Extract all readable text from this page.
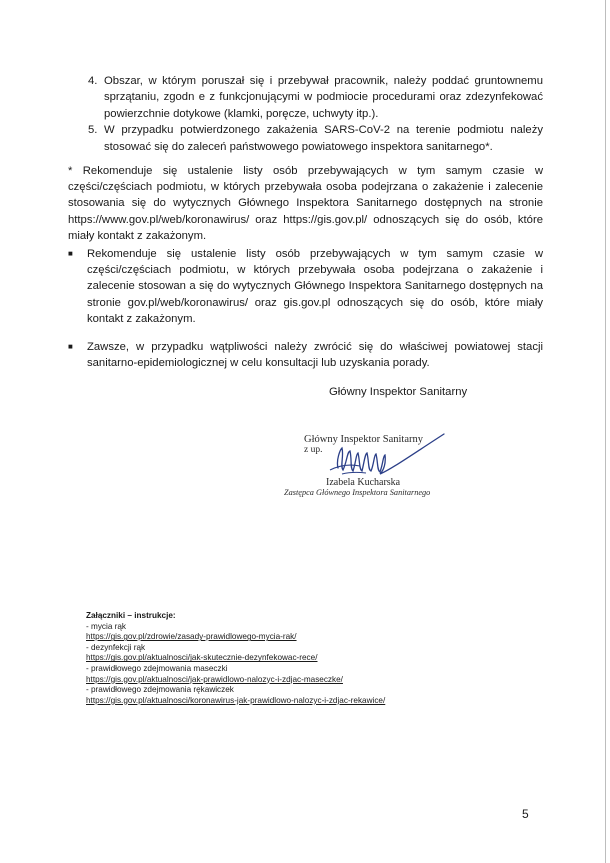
4. Obszar, w którym poruszał się i przebywał pracownik, należy poddać gruntownemu sprzątaniu, zgodn e z funkcjonującymi w podmiocie procedurami oraz zdezynfekować powierzchnie dotykowe (klamki, poręcze, uchwyty itp.).
5. W przypadku potwierdzonego zakażenia SARS-CoV-2 na terenie podmiotu należy stosować się do zaleceń państwowego powiatowego inspektora sanitarnego*.
* Rekomenduje się ustalenie listy osób przebywających w tym samym czasie w części/częściach podmiotu, w których przebywała osoba podejrzana o zakażenie i zalecenie stosowania się do wytycznych Głównego Inspektora Sanitarnego dostępnych na stronie https://www.gov.pl/web/koronawirus/ oraz https://gis.gov.pl/ odnoszących się do osób, które miały kontakt z zakażonym.
■	Rekomenduje się ustalenie listy osób przebywających w tym samym czasie w części/częściach podmiotu, w których przebywała osoba podejrzana o zakażenie i zalecenie stosowan a się do wytycznych Głównego Inspektora Sanitarnego dostępnych na stronie gov.pl/web/koronawirus/ oraz gis.gov.pl odnoszących się do osób, które miały kontakt z zakażonym.
■	Zawsze, w przypadku wątpliwości należy zwrócić się do właściwej powiatowej stacji sanitarno-epidemiologicznej w celu konsultacji lub uzyskania porady.
Główny Inspektor Sanitarny
Główny Inspektor Sanitarny
z up.
Izabela Kucharska
Zastępca Głównego Inspektora Sanitarnego
Załączniki – instrukcje:
- mycia rąk
https://gis.gov.pl/zdrowie/zasady-prawidlowego-mycia-rak/
- dezynfekcji rąk
https://gis.gov.pl/aktualnosci/jak-skutecznie-dezynfekowac-rece/
- prawidłowego zdejmowania maseczki
https://gis.gov.pl/aktualnosci/jak-prawidlowo-nalozyc-i-zdjac-maseczke/
- prawidłowego zdejmowania rękawiczek
https://gis.gov.pl/aktualnosci/koronawirus-jak-prawidlowo-nalozyc-i-zdjac-rekawice/
5
